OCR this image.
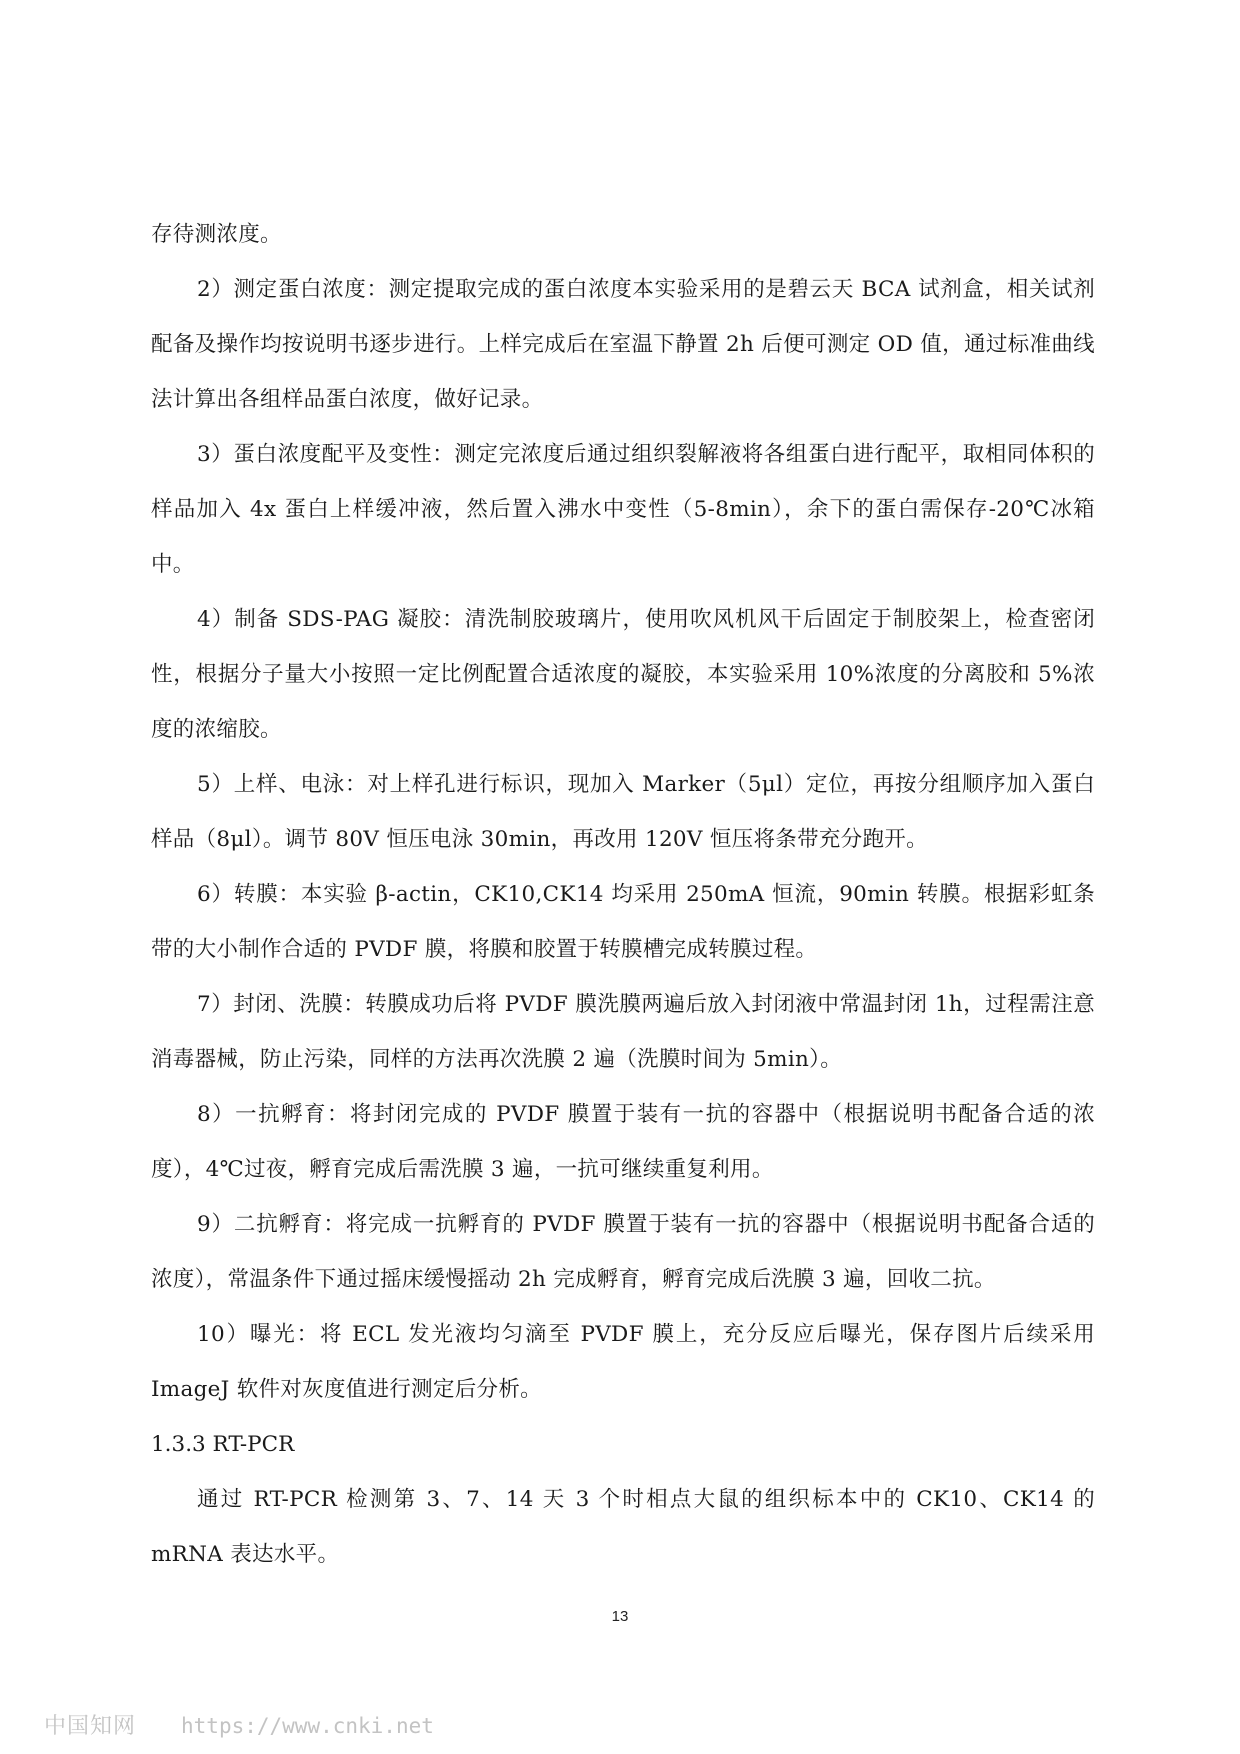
存待测浓度。

2）测定蛋白浓度：测定提取完成的蛋白浓度本实验采用的是碧云天 BCA 试剂盒，相关试剂配备及操作均按说明书逐步进行。上样完成后在室温下静置 2h 后便可测定 OD 值，通过标准曲线法计算出各组样品蛋白浓度，做好记录。

3）蛋白浓度配平及变性：测定完浓度后通过组织裂解液将各组蛋白进行配平，取相同体积的样品加入 4x 蛋白上样缓冲液，然后置入沸水中变性（5-8min），余下的蛋白需保存-20℃冰箱中。

4）制备 SDS-PAG 凝胶：清洗制胶玻璃片，使用吹风机风干后固定于制胶架上，检查密闭性，根据分子量大小按照一定比例配置合适浓度的凝胶，本实验采用 10%浓度的分离胶和 5%浓度的浓缩胶。

5）上样、电泳：对上样孔进行标识，现加入 Marker（5μl）定位，再按分组顺序加入蛋白样品（8μl）。调节 80V 恒压电泳 30min，再改用 120V 恒压将条带充分跑开。

6）转膜：本实验 β-actin，CK10,CK14 均采用 250mA 恒流，90min 转膜。根据彩虹条带的大小制作合适的 PVDF 膜，将膜和胶置于转膜槽完成转膜过程。

7）封闭、洗膜：转膜成功后将 PVDF 膜洗膜两遍后放入封闭液中常温封闭 1h，过程需注意消毒器械，防止污染，同样的方法再次洗膜 2 遍（洗膜时间为 5min）。

8）一抗孵育：将封闭完成的 PVDF 膜置于装有一抗的容器中（根据说明书配备合适的浓度），4℃过夜，孵育完成后需洗膜 3 遍，一抗可继续重复利用。

9）二抗孵育：将完成一抗孵育的 PVDF 膜置于装有一抗的容器中（根据说明书配备合适的浓度），常温条件下通过摇床缓慢摇动 2h 完成孵育，孵育完成后洗膜 3 遍，回收二抗。

10）曝光：将 ECL 发光液均匀滴至 PVDF 膜上，充分反应后曝光，保存图片后续采用 ImageJ 软件对灰度值进行测定后分析。

1.3.3 RT-PCR

通过 RT-PCR 检测第 3、7、14 天 3 个时相点大鼠的组织标本中的 CK10、CK14 的 mRNA 表达水平。

13
中国知网 https://www.cnki.net
